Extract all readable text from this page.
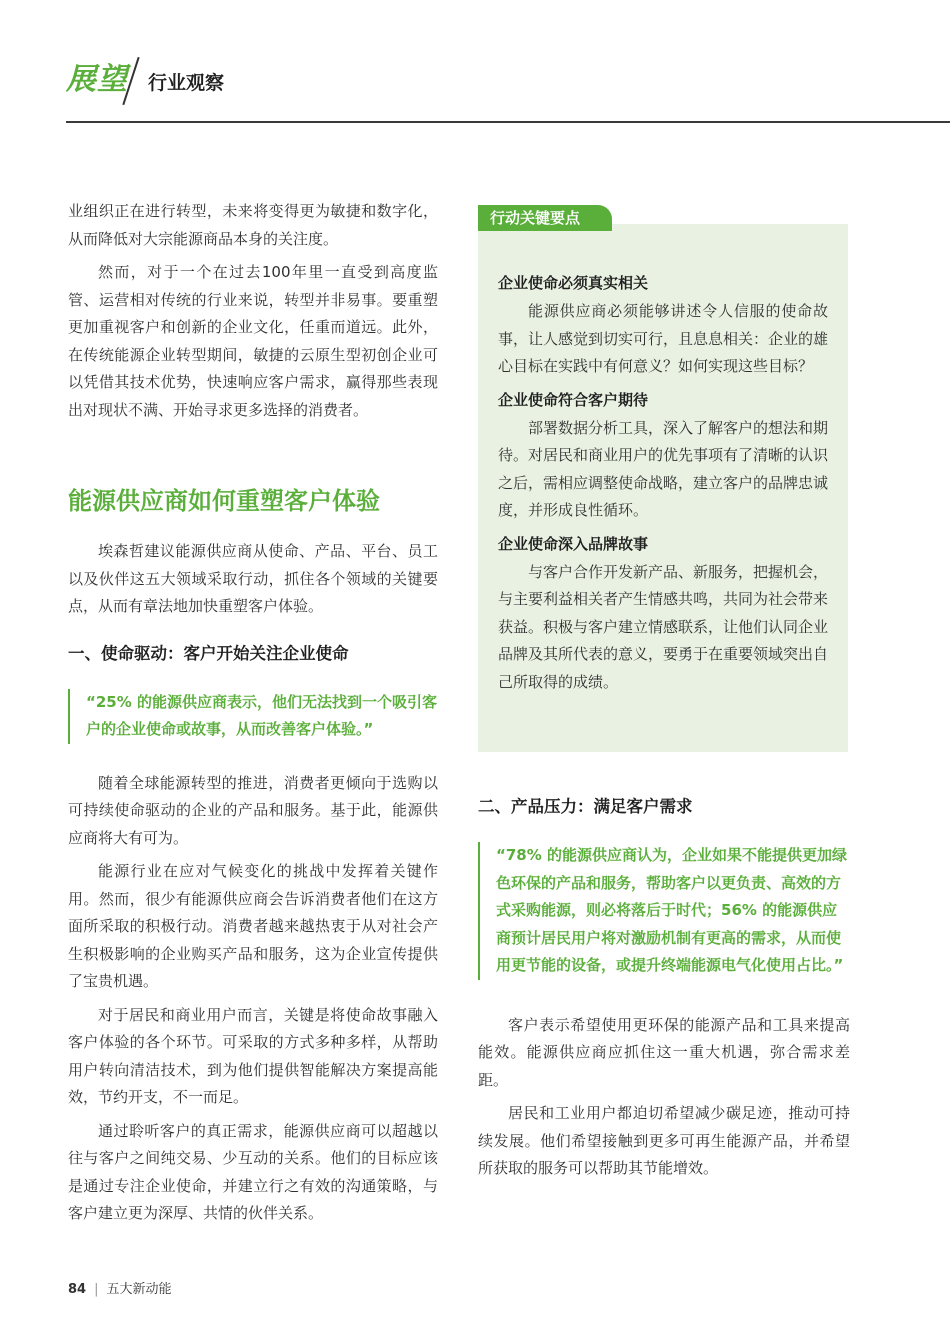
展望 行业观察

业组织正在进行转型，未来将变得更为敏捷和数字化，从而降低对大宗能源商品本身的关注度。

然而，对于一个在过去100年里一直受到高度监管、运营相对传统的行业来说，转型并非易事。要重塑更加重视客户和创新的企业文化，任重而道远。此外，在传统能源企业转型期间，敏捷的云原生型初创企业可以凭借其技术优势，快速响应客户需求，赢得那些表现出对现状不满、开始寻求更多选择的消费者。

能源供应商如何重塑客户体验

埃森哲建议能源供应商从使命、产品、平台、员工以及伙伴这五大领域采取行动，抓住各个领域的关键要点，从而有章法地加快重塑客户体验。

一、使命驱动：客户开始关注企业使命
“25% 的能源供应商表示，他们无法找到一个吸引客户的企业使命或故事，从而改善客户体验。”

随着全球能源转型的推进，消费者更倾向于选购以可持续使命驱动的企业的产品和服务。基于此，能源供应商将大有可为。

能源行业在应对气候变化的挑战中发挥着关键作用。然而，很少有能源供应商会告诉消费者他们在这方面所采取的积极行动。消费者越来越热衷于从对社会产生积极影响的企业购买产品和服务，这为企业宣传提供了宝贵机遇。

对于居民和商业用户而言，关键是将使命故事融入客户体验的各个环节。可采取的方式多种多样，从帮助用户转向清洁技术，到为他们提供智能解决方案提高能效，节约开支，不一而足。

通过聆听客户的真正需求，能源供应商可以超越以往与客户之间纯交易、少互动的关系。他们的目标应该是通过专注企业使命，并建立行之有效的沟通策略，与客户建立更为深厚、共情的伙伴关系。

行动关键要点
企业使命必须真实相关

能源供应商必须能够讲述令人信服的使命故事，让人感觉到切实可行，且息息相关：企业的雄心目标在实践中有何意义？如何实现这些目标？

企业使命符合客户期待

部署数据分析工具，深入了解客户的想法和期待。对居民和商业用户的优先事项有了清晰的认识之后，需相应调整使命战略，建立客户的品牌忠诚度，并形成良性循环。

企业使命深入品牌故事

与客户合作开发新产品、新服务，把握机会，与主要利益相关者产生情感共鸣，共同为社会带来获益。积极与客户建立情感联系，让他们认同企业品牌及其所代表的意义，要勇于在重要领域突出自己所取得的成绩。

二、产品压力：满足客户需求
“78% 的能源供应商认为，企业如果不能提供更加绿色环保的产品和服务，帮助客户以更负责、高效的方式采购能源，则必将落后于时代；56% 的能源供应商预计居民用户将对激励机制有更高的需求，从而使用更节能的设备，或提升终端能源电气化使用占比。”

客户表示希望使用更环保的能源产品和工具来提高能效。能源供应商应抓住这一重大机遇，弥合需求差距。

居民和工业用户都迫切希望减少碳足迹，推动可持续发展。他们希望接触到更多可再生能源产品，并希望所获取的服务可以帮助其节能增效。

84 | 五大新动能
